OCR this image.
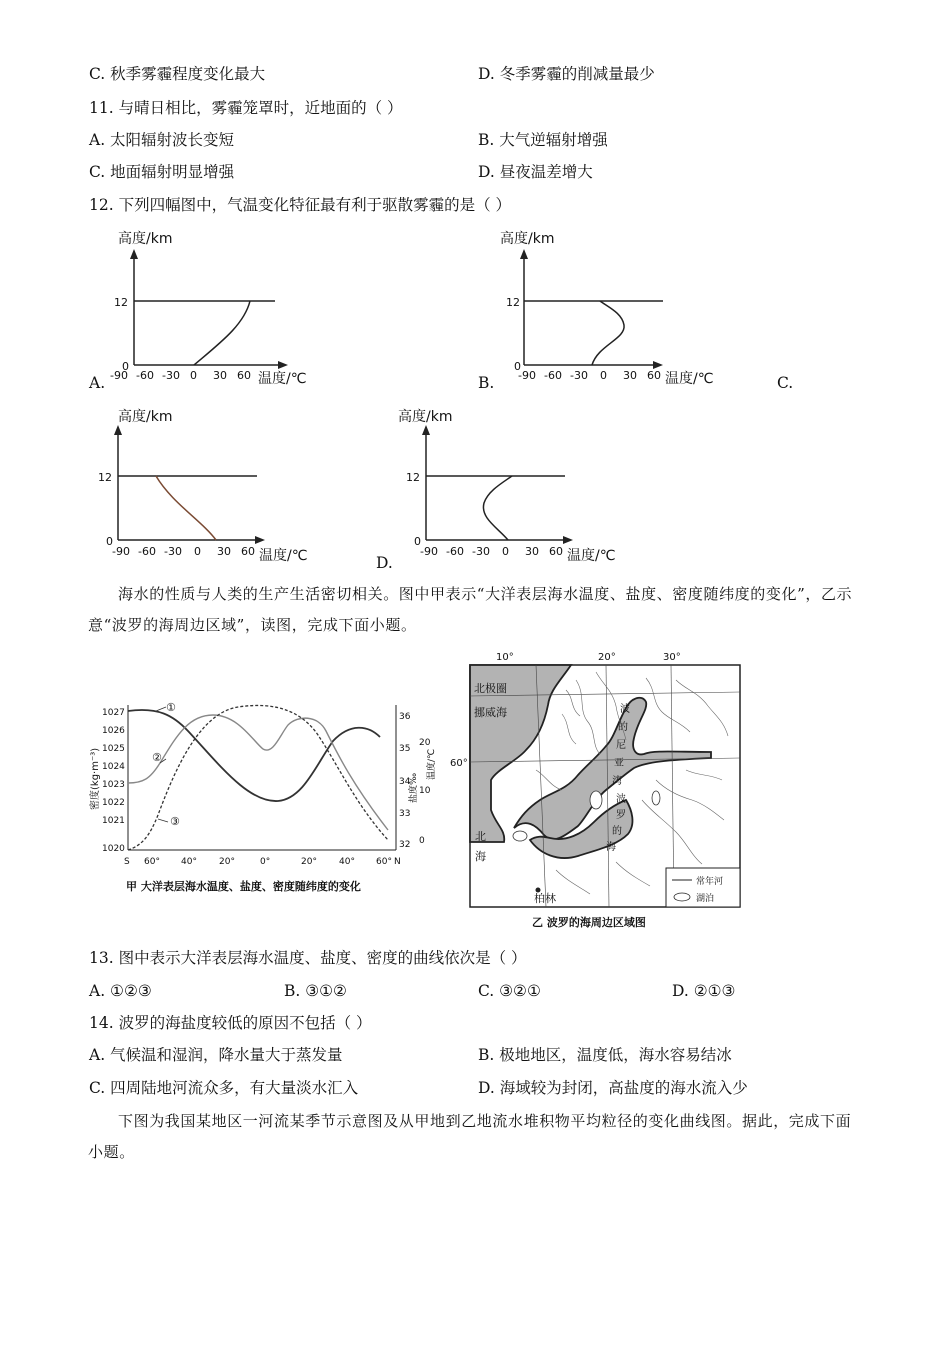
C. 秋季雾霾程度变化最大	D. 冬季雾霾的削减量最少
11. 与晴日相比，雾霾笼罩时，近地面的（ ）
A. 太阳辐射波长变短	B. 大气逆辐射增强
C. 地面辐射明显增强	D. 昼夜温差增大
12. 下列四幅图中，气温变化特征最有利于驱散雾霾的是（ ）
高度/km
12
0
-90 -60 -30 0 30 60 温度/℃
A.
高度/km
12
0
-90 -60 -30 0 30 60 温度/℃
B.	C.
高度/km
12
0
-90 -60 -30 0 30 60 温度/℃
高度/km
12
0
-90 -60 -30 0 30 60 温度/℃
D.
海水的性质与人类的生产生活密切相关。图中甲表示“大洋表层海水温度、盐度、密度随纬度的变化”，乙示意“波罗的海周边区域”，读图，完成下面小题。
密度(kg·m⁻³)
1027
1026
1025
1024
1023
1022
1021
1020
36
35
34
33
32
20
10
0
盐度‰
温度/℃
S 60° 40° 20°	0°	20° 40° 60° N
①
②
③
甲 大洋表层海水温度、盐度、密度随纬度的变化
10°	20°	30°
北极圈
挪威海
北
海
60°
柏林
波
的
尼
亚
湾
波
罗
的
海
常年河
湖泊
乙 波罗的海周边区域图
13. 图中表示大洋表层海水温度、盐度、密度的曲线依次是（ ）
A. ①②③	B. ③①②	C. ③②①	D. ②①③
14. 波罗的海盐度较低的原因不包括（ ）
A. 气候温和湿润，降水量大于蒸发量	B. 极地地区，温度低，海水容易结冰
C. 四周陆地河流众多，有大量淡水汇入	D. 海域较为封闭，高盐度的海水流入少
下图为我国某地区一河流某季节示意图及从甲地到乙地流水堆积物平均粒径的变化曲线图。据此，完成下面小题。
